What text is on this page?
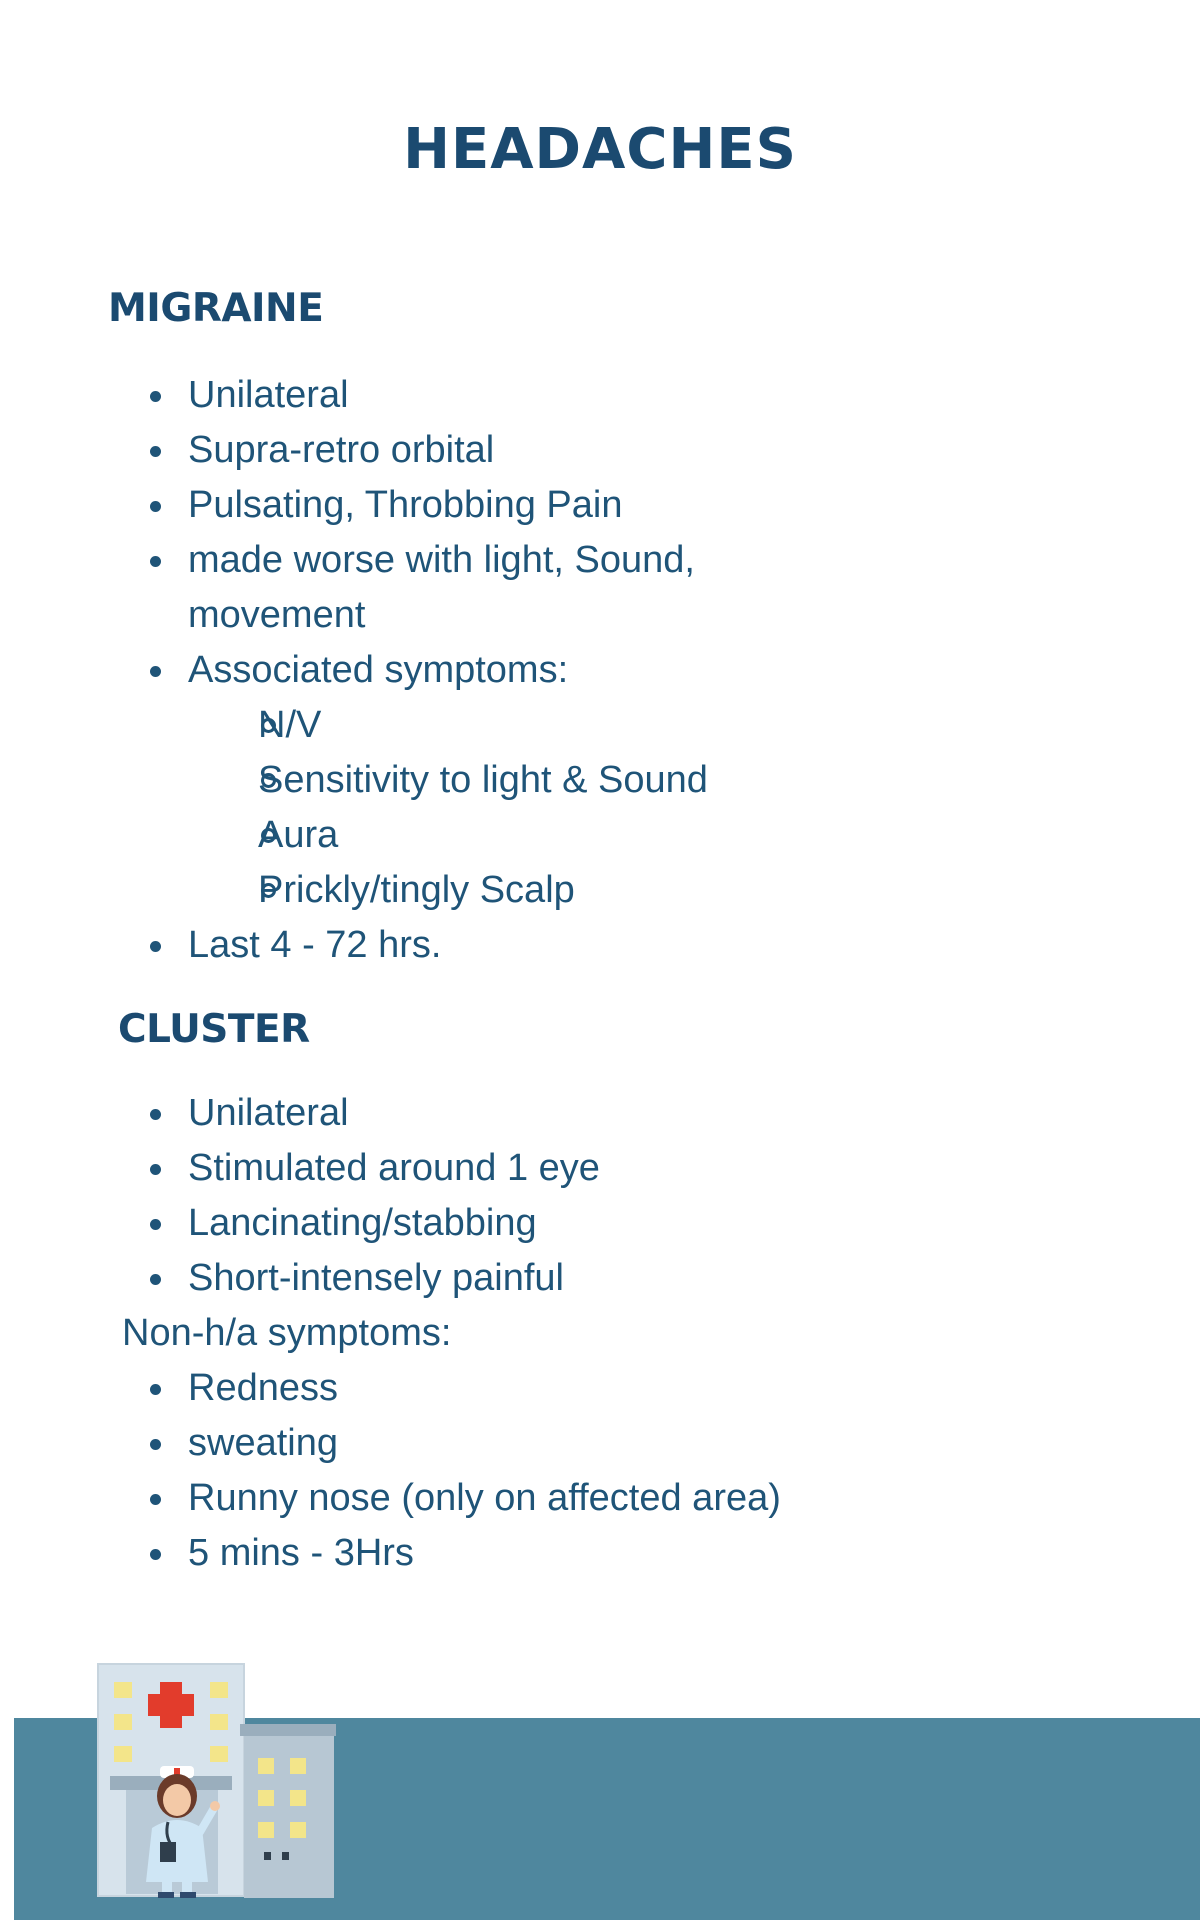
HEADACHES
MIGRAINE
Unilateral
Supra-retro orbital
Pulsating, Throbbing Pain
made worse with light, Sound, movement
Associated symptoms:
N/V
Sensitivity to light & Sound
Aura
Prickly/tingly Scalp
Last 4 - 72 hrs.
CLUSTER
Unilateral
Stimulated around 1 eye
Lancinating/stabbing
Short-intensely painful
Non-h/a symptoms:
Redness
sweating
Runny nose (only on affected area)
5 mins - 3Hrs
